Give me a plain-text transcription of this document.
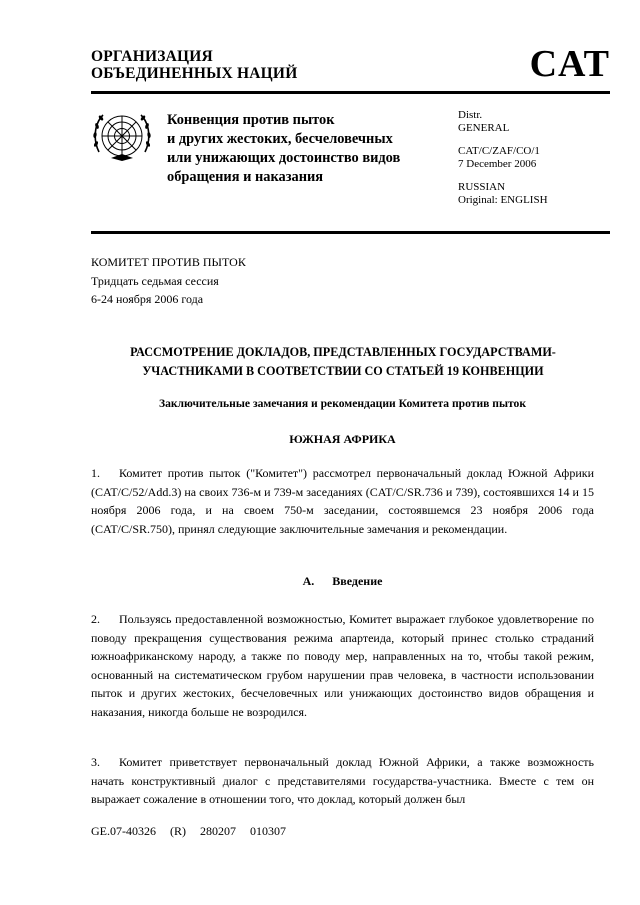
ОРГАНИЗАЦИЯ
ОБЪЕДИНЕННЫХ НАЦИЙ	CAT
Конвенция против пыток
и других жестоких, бесчеловечных
или унижающих достоинство видов
обращения и наказания
Distr.
GENERAL
CAT/C/ZAF/CO/1
7 December 2006
RUSSIAN
Original: ENGLISH
КОМИТЕТ ПРОТИВ ПЫТОК
Тридцать седьмая сессия
6-24 ноября 2006 года
РАССМОТРЕНИЕ ДОКЛАДОВ, ПРЕДСТАВЛЕННЫХ ГОСУДАРСТВАМИ-
УЧАСТНИКАМИ В СООТВЕТСТВИИ СО СТАТЬЕЙ 19 КОНВЕНЦИИ
Заключительные замечания и рекомендации Комитета против пыток
ЮЖНАЯ АФРИКА
1. Комитет против пыток ("Комитет") рассмотрел первоначальный доклад Южной Африки (CAT/C/52/Add.3) на своих 736-м и 739-м заседаниях (CAT/C/SR.736 и 739), состоявшихся 14 и 15 ноября 2006 года, и на своем 750-м заседании, состоявшемся 23 ноября 2006 года (CAT/C/SR.750), принял следующие заключительные замечания и рекомендации.
A. Введение
2. Пользуясь предоставленной возможностью, Комитет выражает глубокое удовлетворение по поводу прекращения существования режима апартеида, который принес столько страданий южноафриканскому народу, а также по поводу мер, направленных на то, чтобы такой режим, основанный на систематическом грубом нарушении прав человека, в частности использовании пыток и других жестоких, бесчеловечных или унижающих достоинство видов обращения и наказания, никогда больше не возродился.
3. Комитет приветствует первоначальный доклад Южной Африки, а также возможность начать конструктивный диалог с представителями государства-участника. Вместе с тем он выражает сожаление в отношении того, что доклад, который должен был
GE.07-40326 (R) 280207 010307
